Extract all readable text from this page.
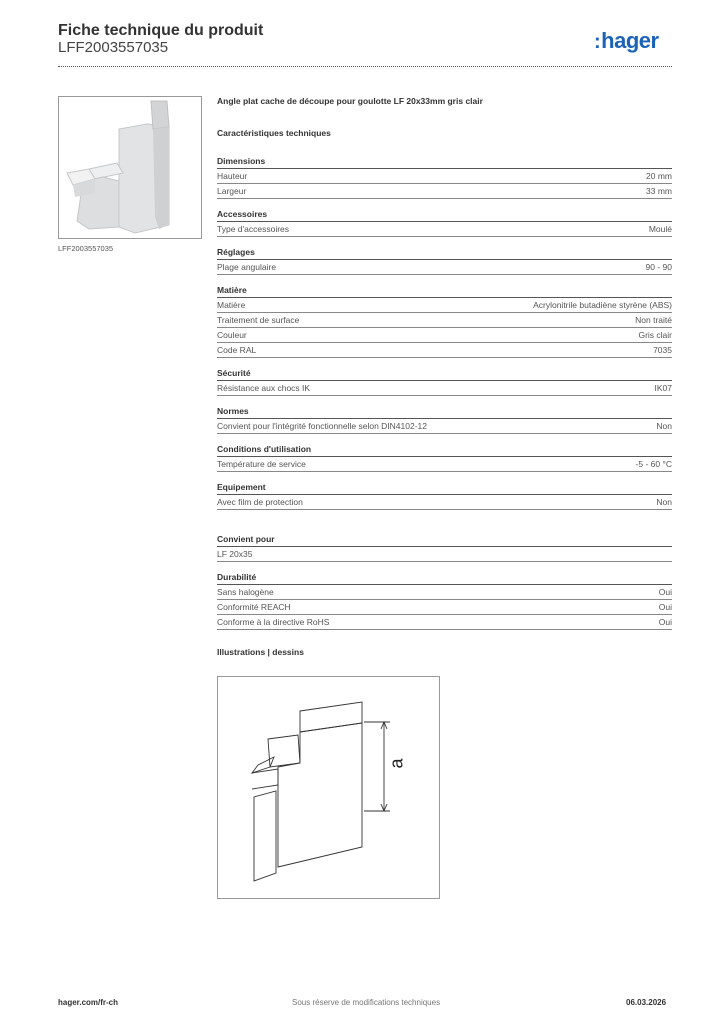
Fiche technique du produit
LFF2003557035	:hager
LFF2003557035
Angle plat cache de découpe pour goulotte LF 20x33mm gris clair
Caractéristiques techniques
Dimensions
Hauteur	20 mm
Largeur	33 mm
Accessoires
Type d'accessoires	Moulé
Réglages
Plage angulaire	90 - 90
Matière
Matière	Acrylonitrile butadiène styrène (ABS)
Traitement de surface	Non traité
Couleur	Gris clair
Code RAL	7035
Sécurité
Résistance aux chocs IK	IK07
Normes
Convient pour l'intégrité fonctionnelle selon DIN4102-12	Non
Conditions d'utilisation
Température de service	-5 - 60 °C
Equipement
Avec film de protection	Non
Convient pour
LF 20x35
Durabilité
Sans halogène	Oui
Conformité REACH	Oui
Conforme à la directive RoHS	Oui
Illustrations | dessins
a
hager.com/fr-ch	Sous réserve de modifications techniques	06.03.2026
